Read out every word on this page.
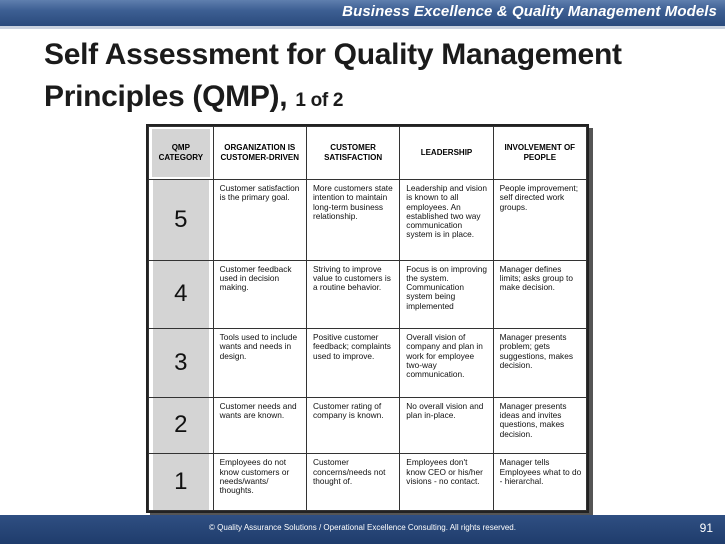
Business Excellence & Quality Management Models
Self Assessment for Quality Management Principles (QMP), 1 of 2
QMP CATEGORY	ORGANIZATION IS CUSTOMER-DRIVEN	CUSTOMER SATISFACTION	LEADERSHIP	INVOLVEMENT OF PEOPLE

5	Customer satisfaction is the primary goal.	More customers state intention to maintain long-term business relationship.	Leadership and vision is known to all employees. An established two way communication system is in place.	People improvement; self directed work groups.

4	Customer feedback used in decision making.	Striving to improve value to customers is a routine behavior.	Focus is on improving the system. Communication system being implemented	Manager defines limits; asks group to make decision.

3	Tools used to include wants and needs in design.	Positive customer feedback; complaints used to improve.	Overall vision of company and plan in work for employee two-way communication.	Manager presents problem; gets suggestions, makes decision.

2	Customer needs and wants are known.	Customer rating of company is known.	No overall vision and plan in-place.	Manager presents ideas and invites questions, makes decision.

1	Employees do not know customers or needs/wants/ thoughts.	Customer concerns/needs not thought of.	Employees don't know CEO or his/her visions - no contact.	Manager tells Employees what to do - hierarchal.
© Quality Assurance Solutions / Operational Excellence Consulting. All rights reserved.	91
